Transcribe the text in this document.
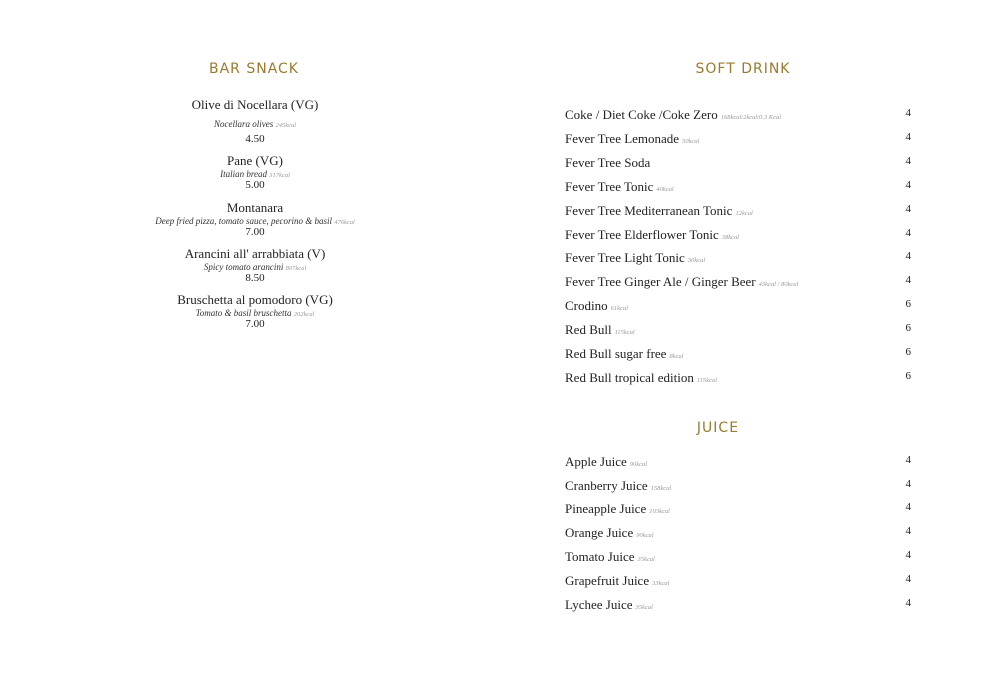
BAR SNACK
Olive di Nocellara (VG)
Nocellara olives 245kcal
4.50
Pane (VG)
Italian bread 317kcal
5.00
Montanara
Deep fried pizza, tomato sauce, pecorino & basil 476kcal
7.00
Arancini all' arrabbiata (V)
Spicy tomato arancini 807kcal
8.50
Bruschetta al pomodoro (VG)
Tomato & basil bruschetta 202kcal
7.00
SOFT DRINK
Coke / Diet Coke /Coke Zero 168kcal/2kcal/0.3 Kcal	4
Fever Tree Lemonade 50kcal	4
Fever Tree Soda	4
Fever Tree Tonic 40kcal	4
Fever Tree Mediterranean Tonic 12kcal	4
Fever Tree Elderflower Tonic 38kcal	4
Fever Tree Light Tonic 30kcal	4
Fever Tree Ginger Ale / Ginger Beer 43kcal / 80kcal	4
Crodino 61kcal	6
Red Bull 115kcal	6
Red Bull sugar free 8kcal	6
Red Bull tropical edition 115kcal	6
JUICE
Apple Juice 90kcal	4
Cranberry Juice 158kcal	4
Pineapple Juice 103kcal	4
Orange Juice 90kcal	4
Tomato Juice 35kcal	4
Grapefruit Juice 33kcal	4
Lychee Juice 35kcal	4
